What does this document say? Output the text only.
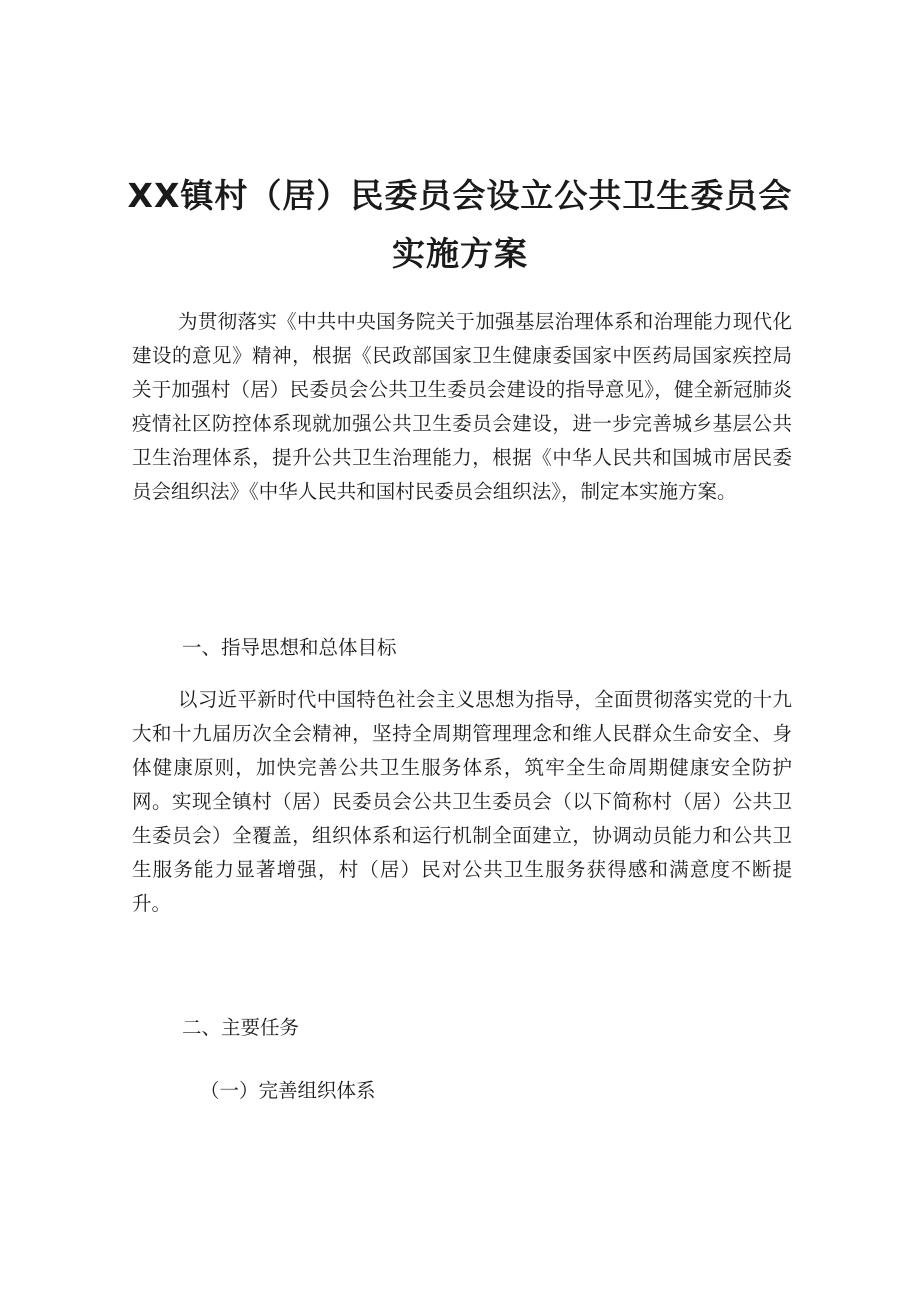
XX镇村（居）民委员会设立公共卫生委员会
实施方案

为贯彻落实《中共中央国务院关于加强基层治理体系和治理能力现代化建设的意见》精神，根据《民政部国家卫生健康委国家中医药局国家疾控局关于加强村（居）民委员会公共卫生委员会建设的指导意见》，健全新冠肺炎疫情社区防控体系现就加强公共卫生委员会建设，进一步完善城乡基层公共卫生治理体系，提升公共卫生治理能力，根据《中华人民共和国城市居民委员会组织法》《中华人民共和国村民委员会组织法》，制定本实施方案。

一、指导思想和总体目标

以习近平新时代中国特色社会主义思想为指导，全面贯彻落实党的十九大和十九届历次全会精神，坚持全周期管理理念和维人民群众生命安全、身体健康原则，加快完善公共卫生服务体系，筑牢全生命周期健康安全防护网。实现全镇村（居）民委员会公共卫生委员会（以下简称村（居）公共卫生委员会）全覆盖，组织体系和运行机制全面建立，协调动员能力和公共卫生服务能力显著增强，村（居）民对公共卫生服务获得感和满意度不断提升。

二、主要任务

（一）完善组织体系
